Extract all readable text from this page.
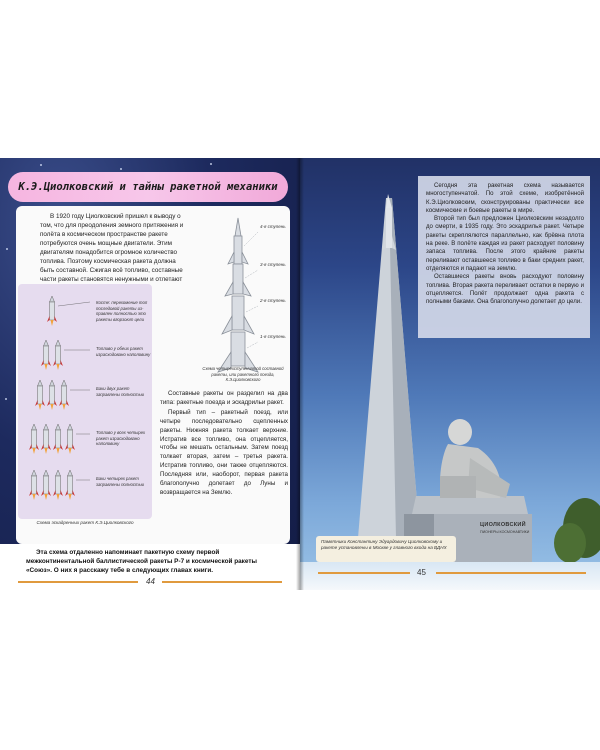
К.Э.Циолковский и тайны ракетной механики
В 1920 году Циолковский пришел к выводу о том, что для преодоления земного притяжения и полёта в космическом пространстве ракете потребуются очень мощные двигатели. Этим двигателям понадобится огромное количество топлива. Поэтому космическая ракета должна быть составной. Сжигая всё топливо, составные части ракеты становятся ненужными и отлетают
4-я ступень
3-я ступень
2-я ступень
1-я ступень
Схема четырёхступенчатой составной ракеты, или ракетного поезда, К.Э.Циолковского
Косте: перехомение топ последовой ракеты из-правлен полностью это ракеты вгорзоют цели
Топливо у обеих ракет израсходовано наполовину
Баки двух ракет заправлены полностью
Топливо у всех четырех ракет израсходовано наполовину
Баки четырех ракет заправлены полностью
Схема эскадренных ракет К.Э.Циолковского

Составные ракеты он разделил на два типа: ракетные поезда и эскадрильи ракет.

Первый тип – ракетный поезд, или четыре последовательно сцепленных ракеты. Нижняя ракета толкает верхние. Истратив все топливо, она отцепляется, чтобы не мешать остальным. Затем поезд толкает вторая, затем – третья ракета. Истратив топливо, они также отцепляются. Последняя или, наоборот, первая ракета благополучно долетает до Луны и возвращается на Землю.

Эта схема отдаленно напоминает пакетную схему первой межконтинентальной баллистической ракеты Р-7 и космической ракеты «Союз». О них я расскажу тебе в следующих главах книги.

44

Сегодня эта ракетная схема называется многоступенчатой. По этой схеме, изобретённой К.Э.Циолковским, сконструированы практически все космические и боевые ракеты в мире.

Второй тип был предложен Циолковским незадолго до смерти, в 1935 году. Это эскадрилья ракет. Четыре ракеты скреплялются параллельно, как брёвна плота на реке. В полёте каждая из ракет расходует половину запаса топлива. После этого крайние ракеты переливают оставшееся топливо в баки средних ракет, отделяются и падают на землю.

Оставшиеся ракеты вновь расходуют половину топлива. Вторая ракета переливает остатки в первую и отцепляется. Полёт продолжает одна ракета с полными баками. Она благополучно долетает до цели.

ЦИОЛКОВСКИЙ
ПИОНЕРЫ КОСМОНАВТИКИ
Памятники Константину Эдуардовичу Циолковскому и ракете установлены в Москве у главного входа на ВДНХ
45
